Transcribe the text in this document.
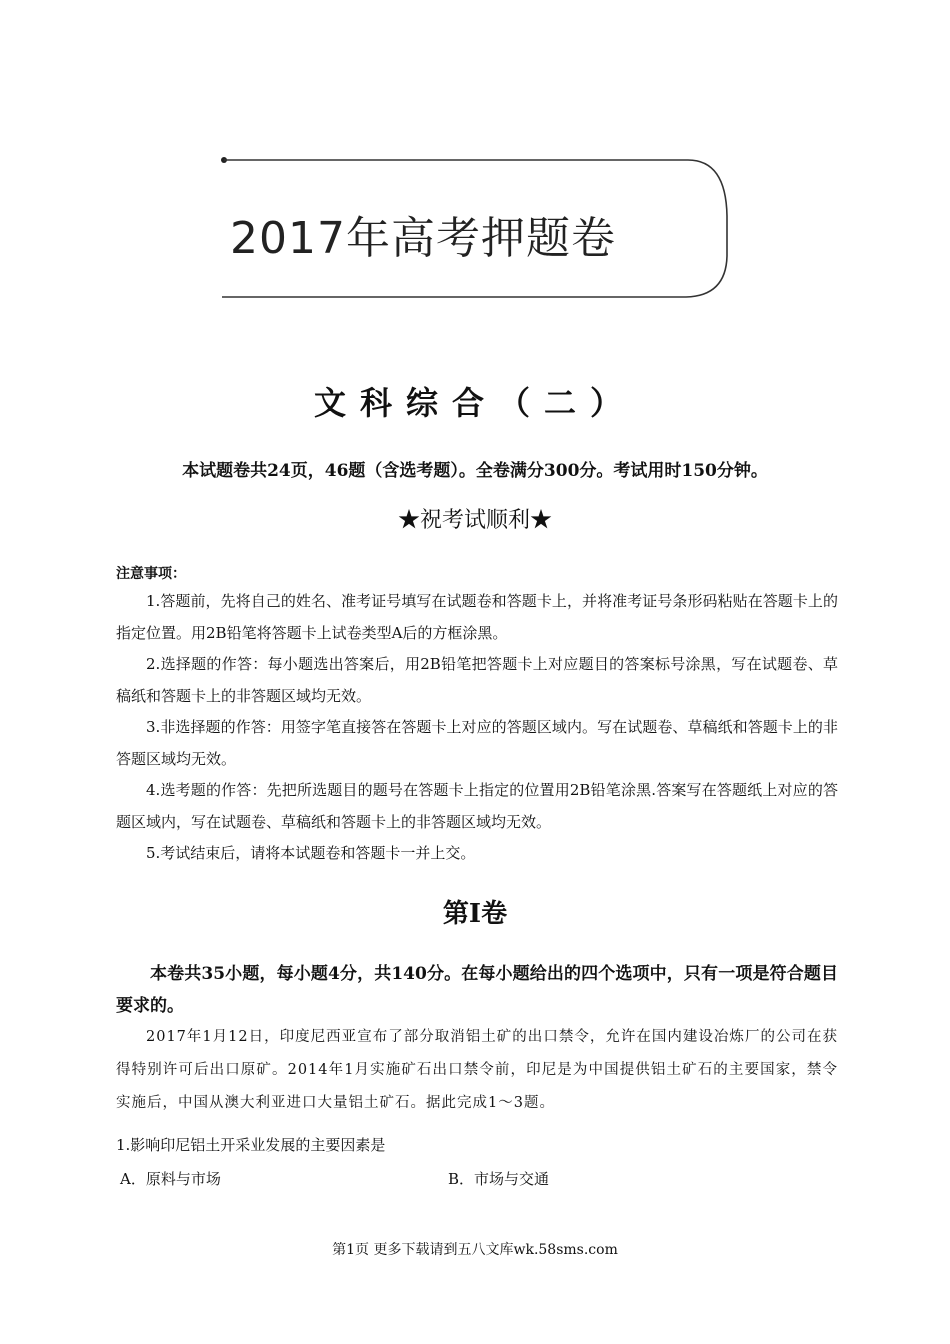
2017年高考押题卷
文科综合（二）
本试题卷共24页，46题（含选考题）。全卷满分300分。考试用时150分钟。
★祝考试顺利★
注意事项：
1.答题前，先将自己的姓名、准考证号填写在试题卷和答题卡上，并将准考证号条形码粘贴在答题卡上的指定位置。用2B铅笔将答题卡上试卷类型A后的方框涂黑。
2.选择题的作答：每小题选出答案后，用2B铅笔把答题卡上对应题目的答案标号涂黑，写在试题卷、草稿纸和答题卡上的非答题区域均无效。
3.非选择题的作答：用签字笔直接答在答题卡上对应的答题区域内。写在试题卷、草稿纸和答题卡上的非答题区域均无效。
4.选考题的作答：先把所选题目的题号在答题卡上指定的位置用2B铅笔涂黑.答案写在答题纸上对应的答题区域内，写在试题卷、草稿纸和答题卡上的非答题区域均无效。
5.考试结束后，请将本试题卷和答题卡一并上交。
第Ⅰ卷
本卷共35小题，每小题4分，共140分。在每小题给出的四个选项中，只有一项是符合题目要求的。
2017年1月12日，印度尼西亚宣布了部分取消铝土矿的出口禁令，允许在国内建设冶炼厂的公司在获得特别许可后出口原矿。2014年1月实施矿石出口禁令前，印尼是为中国提供铝土矿石的主要国家，禁令实施后，中国从澳大利亚进口大量铝土矿石。据此完成1～3题。
1.影响印尼铝土开采业发展的主要因素是
A．原料与市场	B．市场与交通
第1页 更多下载请到五八文库wk.58sms.com
